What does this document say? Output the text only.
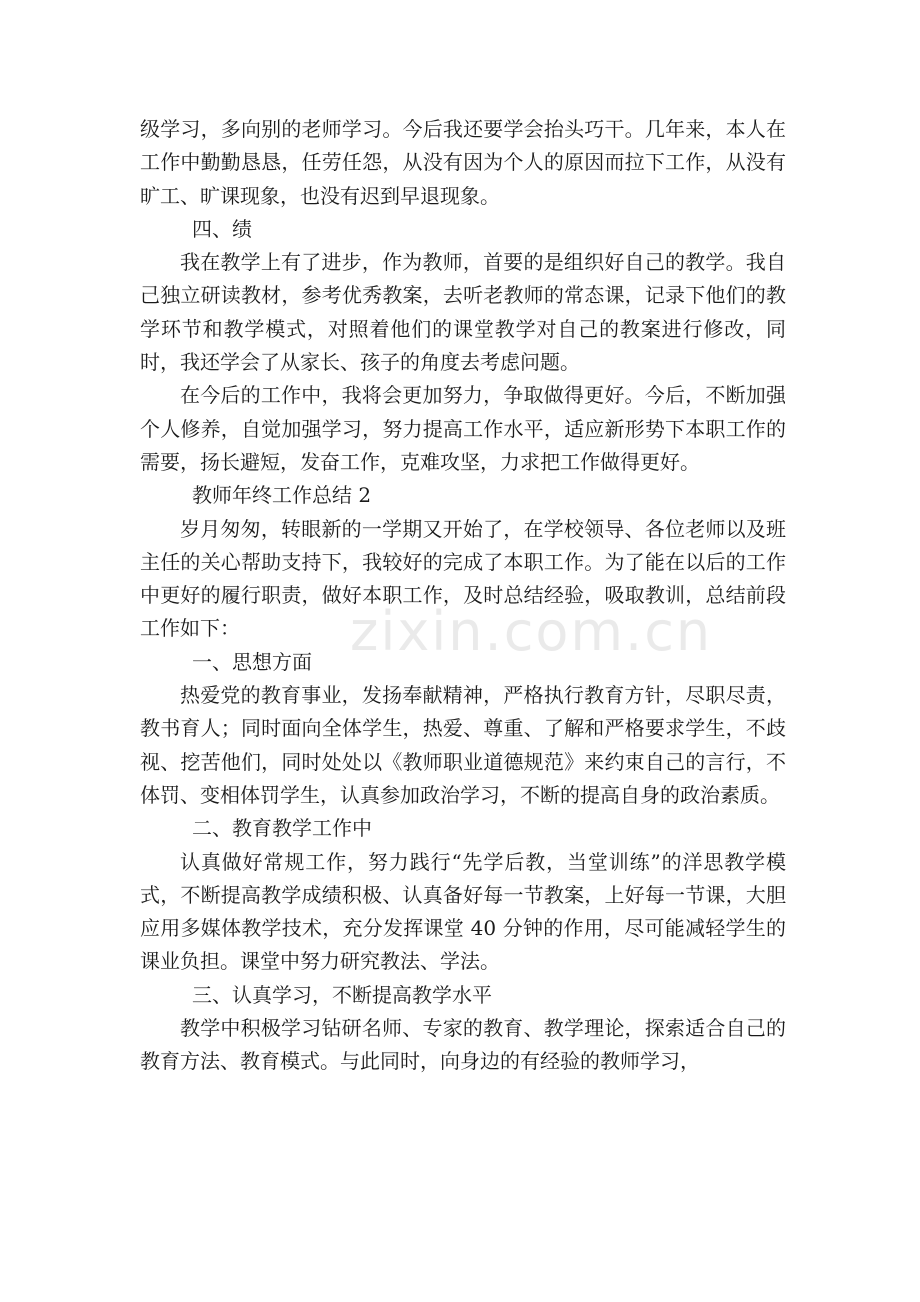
级学习，多向别的老师学习。今后我还要学会抬头巧干。几年来，本人在工作中勤勤恳恳，任劳任怨，从没有因为个人的原因而拉下工作，从没有旷工、旷课现象，也没有迟到早退现象。

四、绩

我在教学上有了进步，作为教师，首要的是组织好自己的教学。我自己独立研读教材，参考优秀教案，去听老教师的常态课，记录下他们的教学环节和教学模式，对照着他们的课堂教学对自己的教案进行修改，同时，我还学会了从家长、孩子的角度去考虑问题。

在今后的工作中，我将会更加努力，争取做得更好。今后，不断加强个人修养，自觉加强学习，努力提高工作水平，适应新形势下本职工作的需要，扬长避短，发奋工作，克难攻坚，力求把工作做得更好。

教师年终工作总结 2

岁月匆匆，转眼新的一学期又开始了，在学校领导、各位老师以及班主任的关心帮助支持下，我较好的完成了本职工作。为了能在以后的工作中更好的履行职责，做好本职工作，及时总结经验，吸取教训，总结前段工作如下：

一、思想方面

热爱党的教育事业，发扬奉献精神，严格执行教育方针，尽职尽责，教书育人；同时面向全体学生，热爱、尊重、了解和严格要求学生，不歧视、挖苦他们，同时处处以《教师职业道德规范》来约束自己的言行，不体罚、变相体罚学生，认真参加政治学习，不断的提高自身的政治素质。

二、教育教学工作中

认真做好常规工作，努力践行“先学后教，当堂训练”的洋思教学模式，不断提高教学成绩积极、认真备好每一节教案，上好每一节课，大胆应用多媒体教学技术，充分发挥课堂 40 分钟的作用，尽可能减轻学生的课业负担。课堂中努力研究教法、学法。

三、认真学习，不断提高教学水平

教学中积极学习钻研名师、专家的教育、教学理论，探索适合自己的教育方法、教育模式。与此同时，向身边的有经验的教师学习，

zixin.com.cn
